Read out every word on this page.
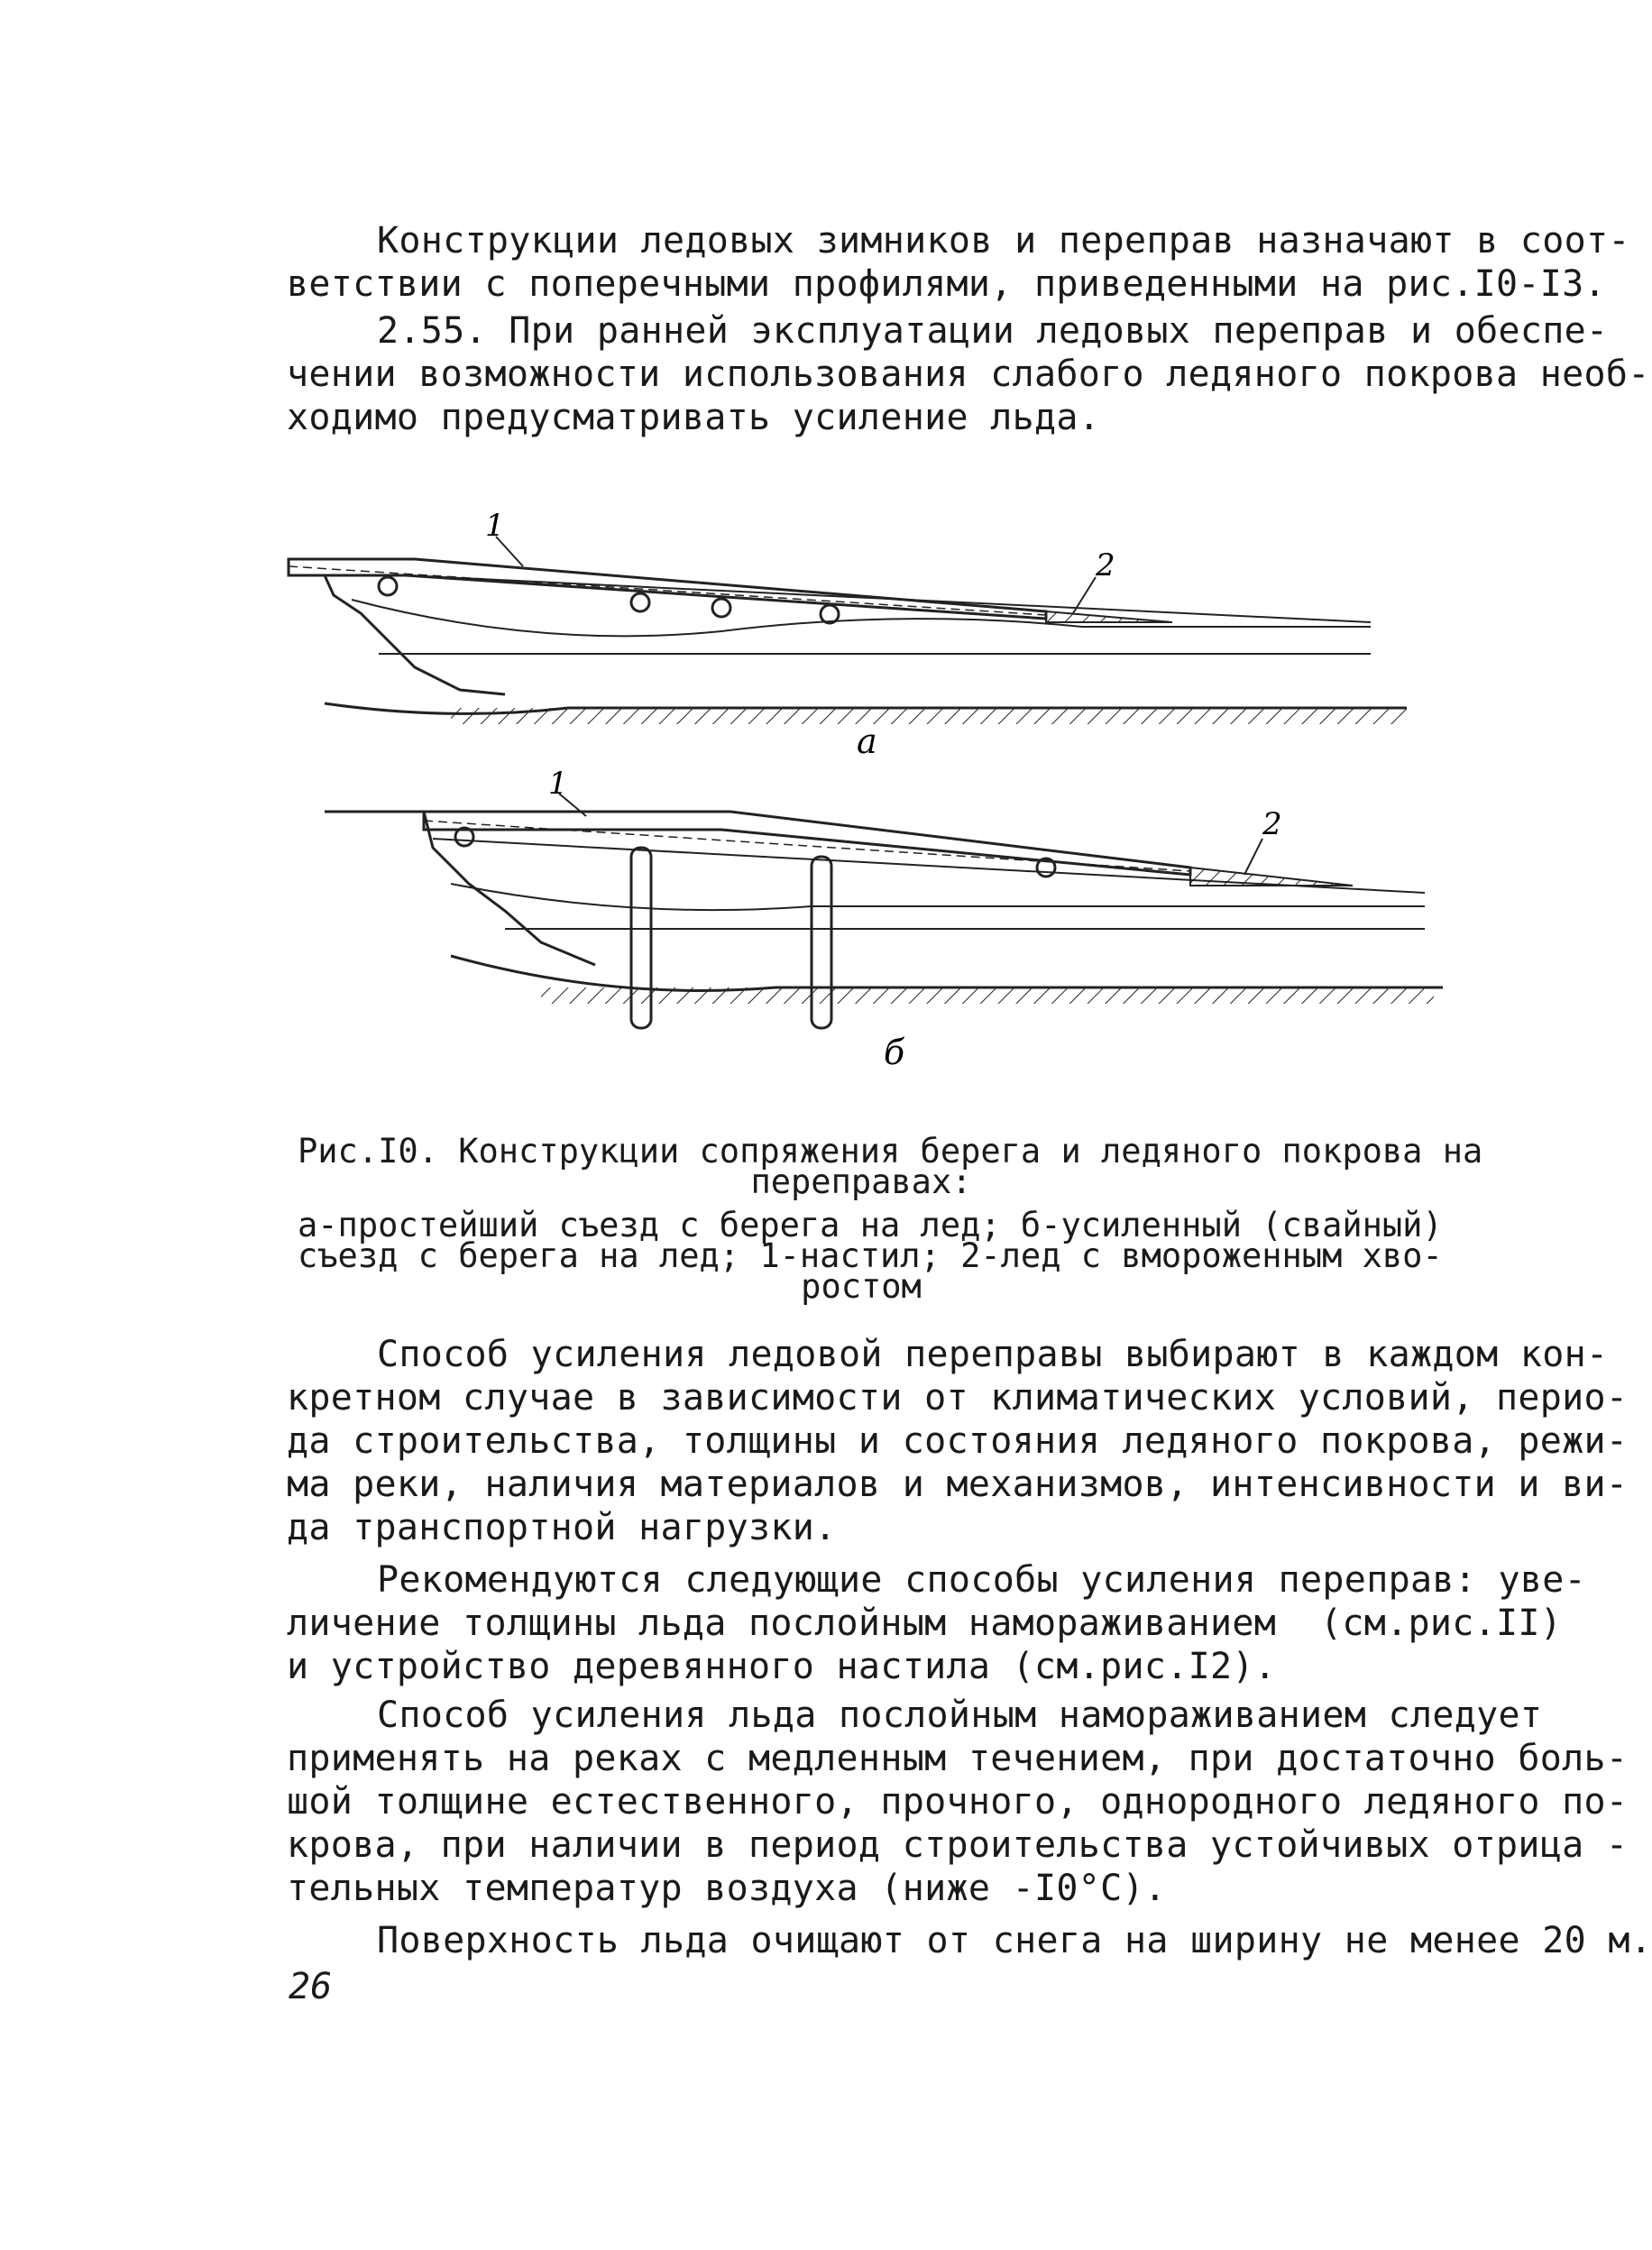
Конструкции ледовых зимников и переправ назначают в соот-
ветствии с поперечными профилями, приведенными на рис.I0-I3.
2.55. При ранней эксплуатации ледовых переправ и обеспе-
чении возможности использования слабого ледяного покрова необ-
ходимо предусматривать усиление льда.
1
2
а
1
2
б
Рис.I0. Конструкции сопряжения берега и ледяного покрова на
переправах:
а-простейший съезд с берега на лед; б-усиленный (свайный)
съезд с берега на лед; 1-настил; 2-лед с вмороженным хво-
ростом
Способ усиления ледовой переправы выбирают в каждом кон-
кретном случае в зависимости от климатических условий, перио-
да строительства, толщины и состояния ледяного покрова, режи-
ма реки, наличия материалов и механизмов, интенсивности и ви-
да транспортной нагрузки.
Рекомендуются следующие способы усиления переправ: уве-
личение толщины льда послойным намораживанием  (см.рис.II)
и устройство деревянного настила (см.рис.I2).
Способ усиления льда послойным намораживанием следует
применять на реках с медленным течением, при достаточно боль-
шой толщине естественного, прочного, однородного ледяного по-
крова, при наличии в период строительства устойчивых отрица -
тельных температур воздуха (ниже -I0°С).
Поверхность льда очищают от снега на ширину не менее 20 м.
26
